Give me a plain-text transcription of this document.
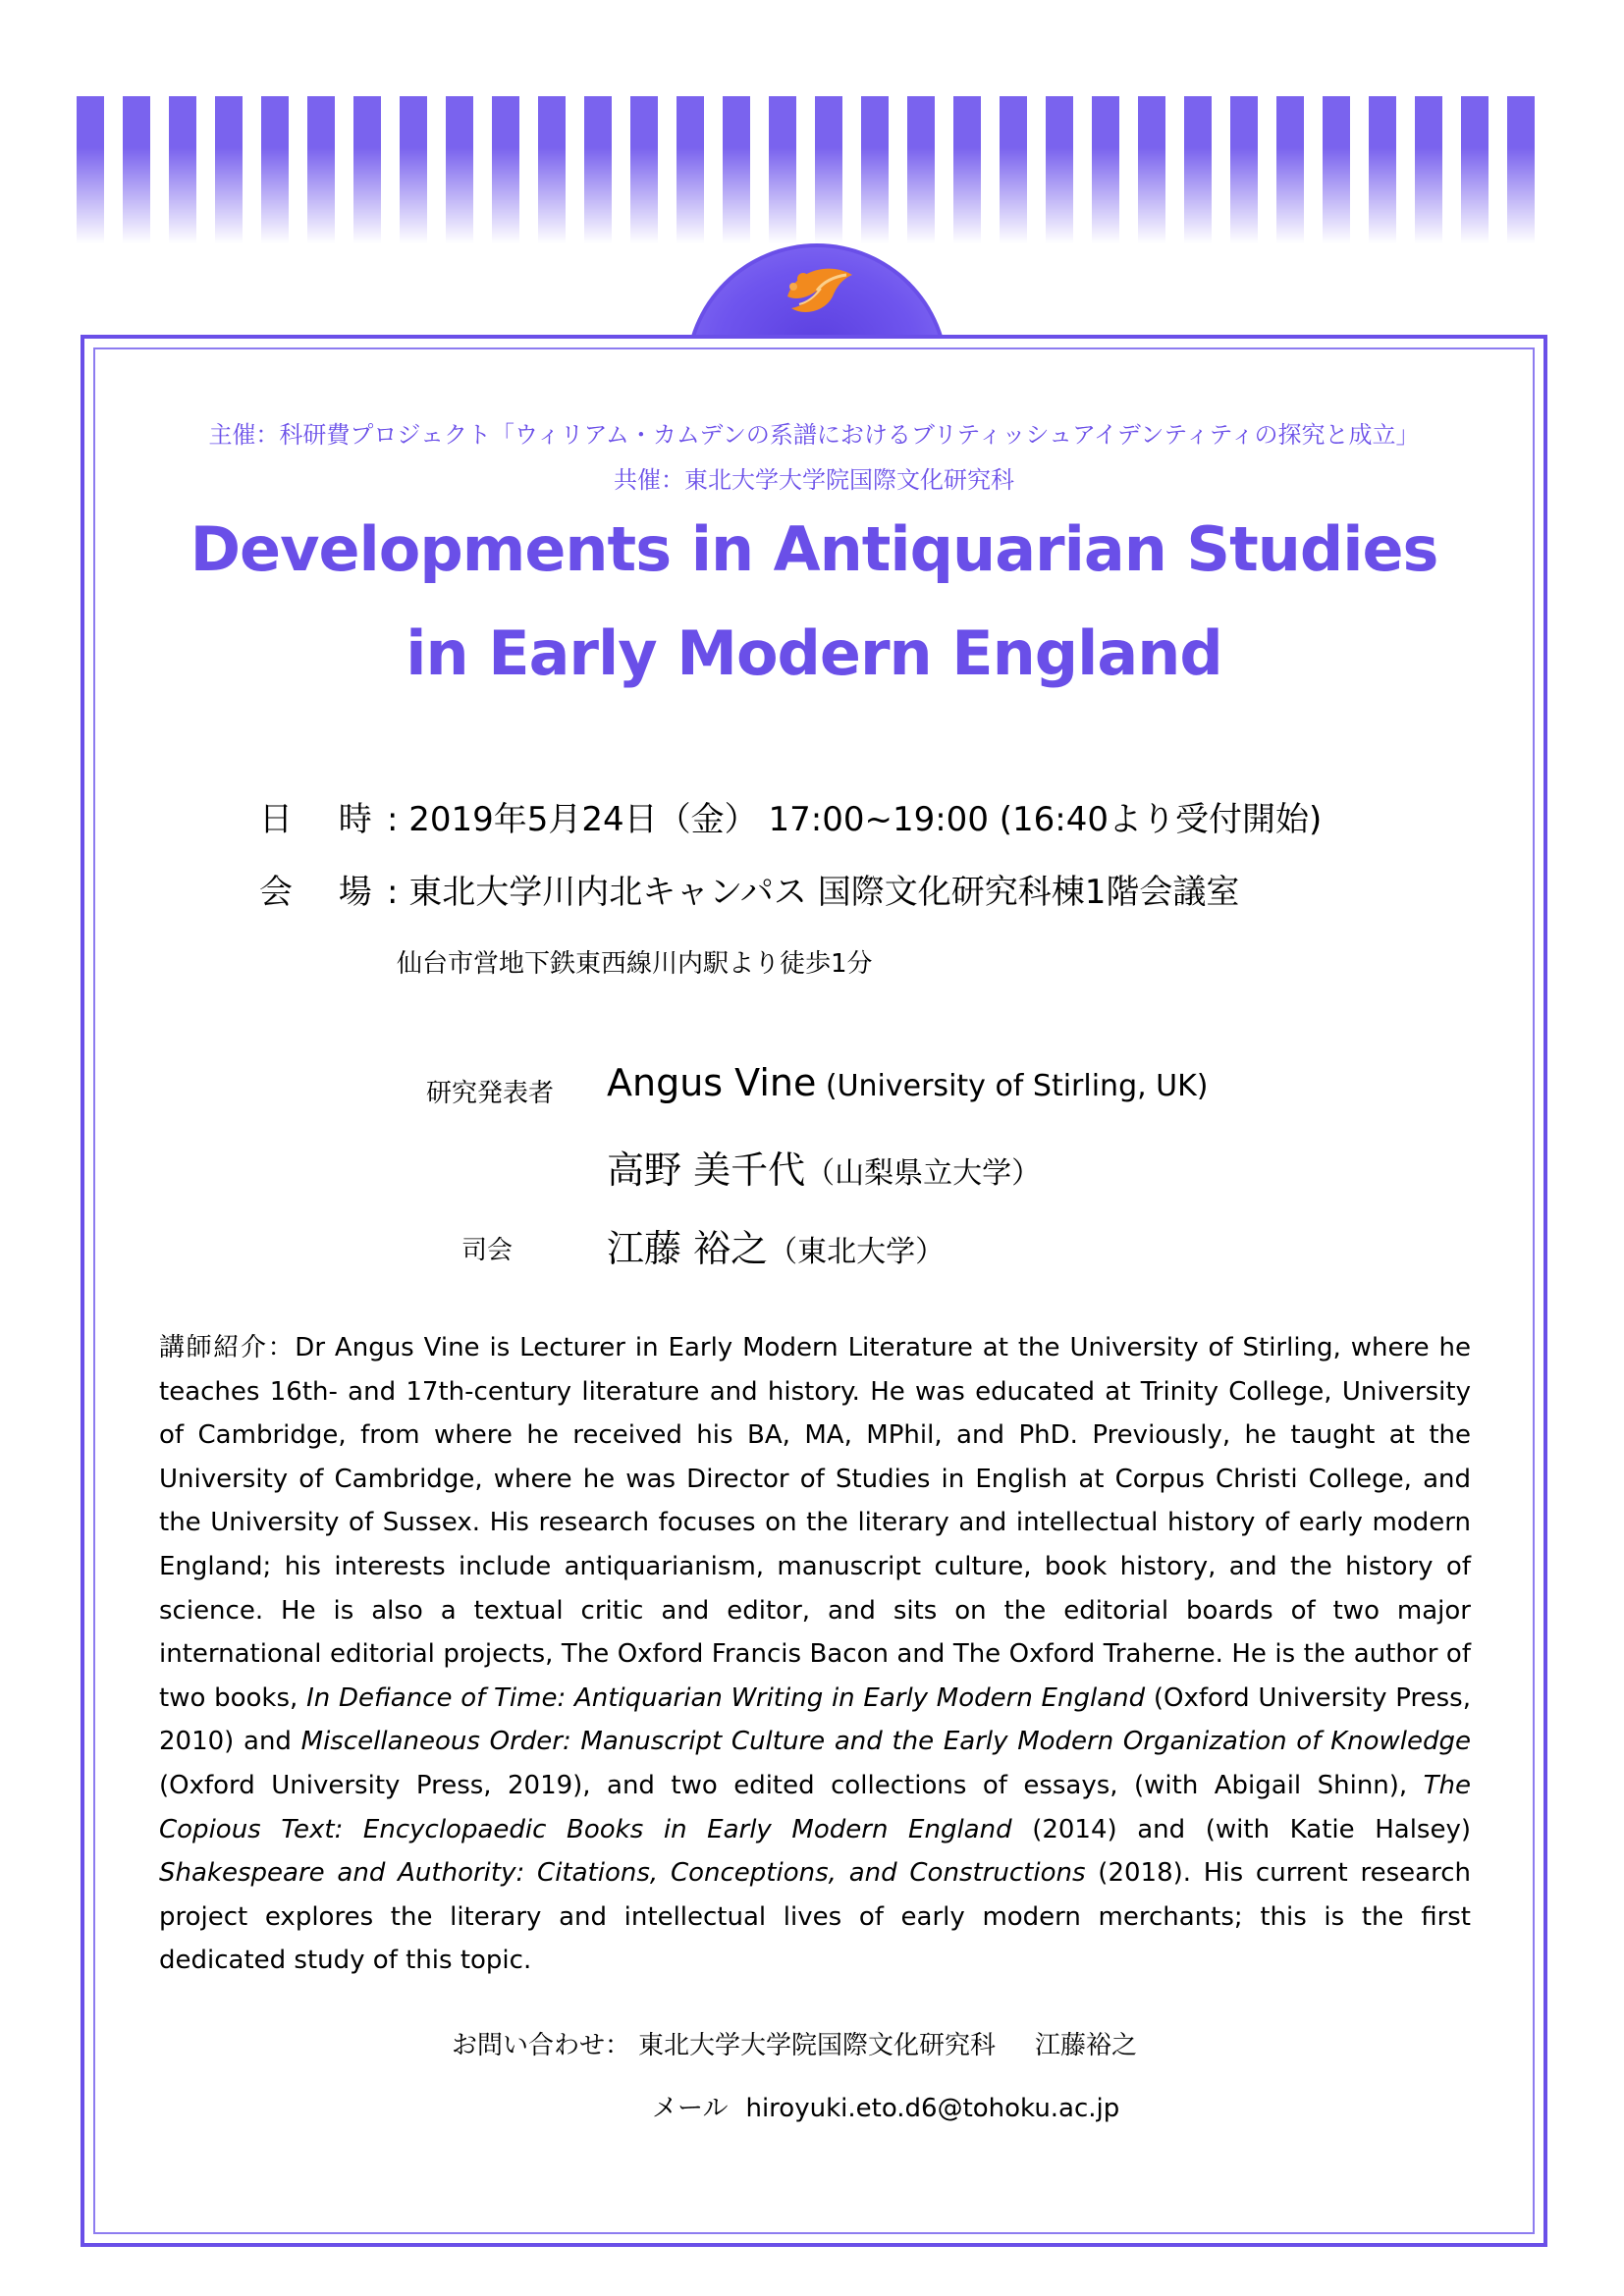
主催：科研費プロジェクト「ウィリアム・カムデンの系譜におけるブリティッシュアイデンティティの探究と成立」
共催：東北大学大学院国際文化研究科
Developments in Antiquarian Studies
in Early Modern England
日 時: 2019年5月24日（金） 17:00~19:00 (16:40より受付開始)
会 場: 東北大学川内北キャンパス 国際文化研究科棟1階会議室
仙台市営地下鉄東西線川内駅より徒歩1分
研究発表者 Angus Vine (University of Stirling, UK)
高野 美千代（山梨県立大学）
司会	江藤 裕之（東北大学）
講師紹介：Dr Angus Vine is Lecturer in Early Modern Literature at the University of Stirling, where he teaches 16th- and 17th-century literature and history. He was educated at Trinity College, University of Cambridge, from where he received his BA, MA, MPhil, and PhD. Previously, he taught at the University of Cambridge, where he was Director of Studies in English at Corpus Christi College, and the University of Sussex. His research focuses on the literary and intellectual history of early modern England; his interests include antiquarianism, manuscript culture, book history, and the history of science. He is also a textual critic and editor, and sits on the editorial boards of two major international editorial projects, The Oxford Francis Bacon and The Oxford Traherne. He is the author of two books, In Defiance of Time: Antiquarian Writing in Early Modern England (Oxford University Press, 2010) and Miscellaneous Order: Manuscript Culture and the Early Modern Organization of Knowledge (Oxford University Press, 2019), and two edited collections of essays, (with Abigail Shinn), The Copious Text: Encyclopaedic Books in Early Modern England (2014) and (with Katie Halsey) Shakespeare and Authority: Citations, Conceptions, and Constructions (2018). His current research project explores the literary and intellectual lives of early modern merchants; this is the first dedicated study of this topic.
お問い合わせ： 東北大学大学院国際文化研究科 江藤裕之
メール hiroyuki.eto.d6@tohoku.ac.jp
